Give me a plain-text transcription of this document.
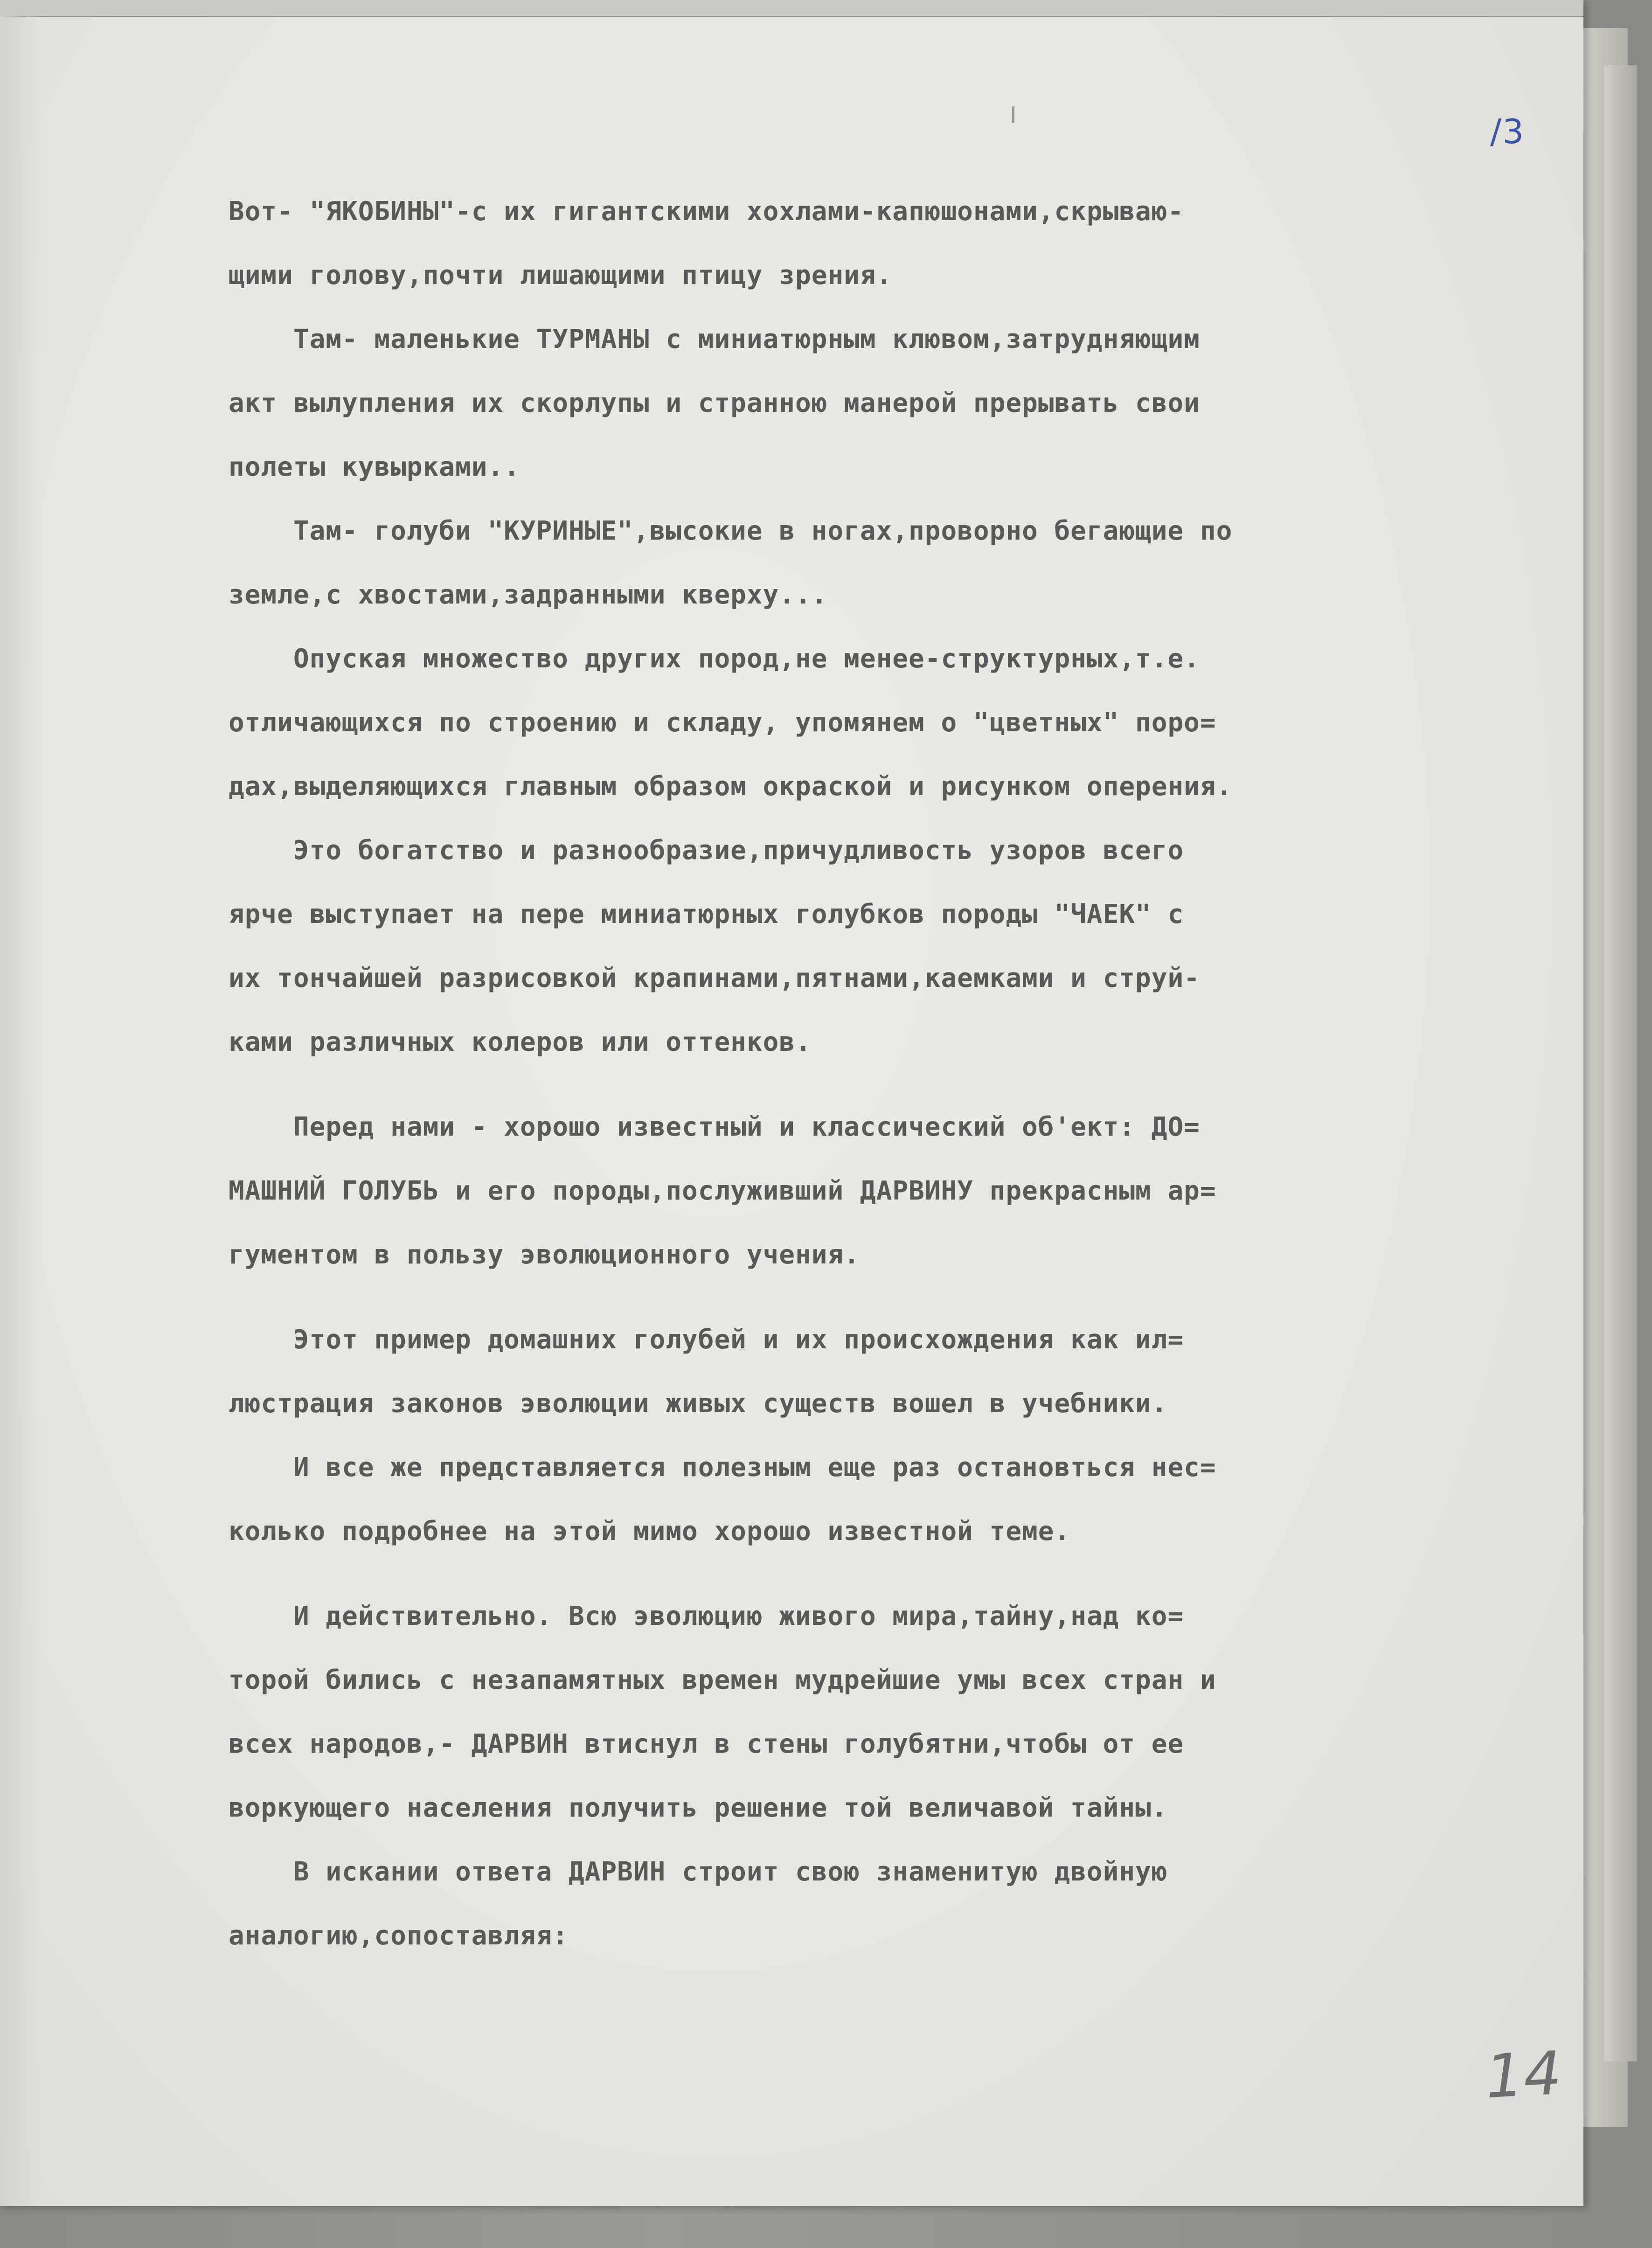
/3
Вот- "ЯКОБИНЫ"-с их гигантскими хохлами-капюшонами,скрываю-
щими голову,почти лишающими птицу зрения.
Там- маленькие ТУРМАНЫ с миниатюрным клювом,затрудняющим
акт вылупления их скорлупы и странною манерой прерывать свои
полеты кувырками..
Там- голуби "КУРИНЫЕ",высокие в ногах,проворно бегающие по
земле,с хвостами,задранными кверху...
Опуская множество других пород,не менее-структурных,т.е.
отличающихся по строению и складу, упомянем о "цветных" поро=
дах,выделяющихся главным образом окраской и рисунком оперения.
Это богатство и разнообразие,причудливость узоров всего
ярче выступает на пере миниатюрных голубков породы "ЧАЕК" с
их тончайшей разрисовкой крапинами,пятнами,каемками и струй-
ками различных колеров или оттенков.
Перед нами - хорошо известный и классический об'ект: ДО=
МАШНИЙ ГОЛУБЬ и его породы,послуживший ДАРВИНУ прекрасным ар=
гументом в пользу эволюционного учения.
Этот пример домашних голубей и их происхождения как ил=
люстрация законов эволюции живых существ вошел в учебники.
И все же представляется полезным еще раз остановться нес=
колько подробнее на этой мимо хорошо известной теме.
И действительно. Всю эволюцию живого мира,тайну,над ко=
торой бились с незапамятных времен мудрейшие умы всех стран и
всех народов,- ДАРВИН втиснул в стены голубятни,чтобы от ее
воркующего населения получить решение той величавой тайны.
В искании ответа ДАРВИН строит свою знаменитую двойную
аналогию,сопоставляя:
14
